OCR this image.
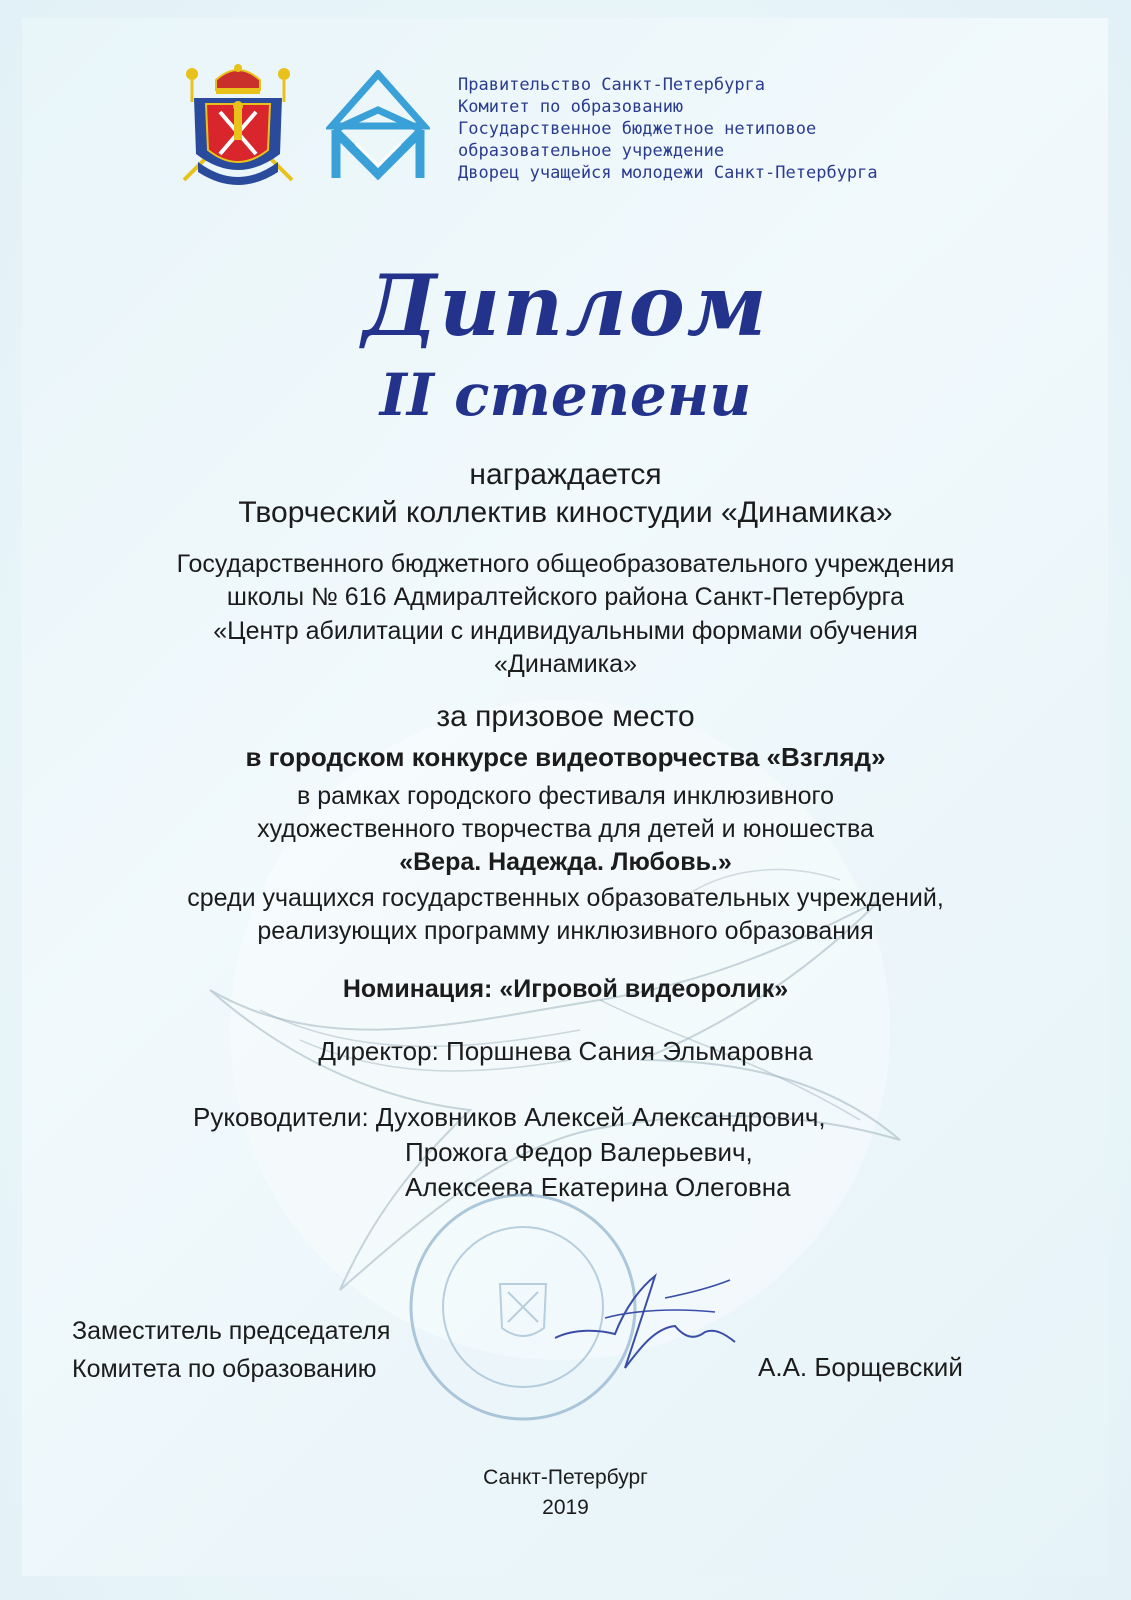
Правительство Санкт-Петербурга
Комитет по образованию
Государственное бюджетное нетиповое
образовательное учреждение
Дворец учащейся молодежи Санкт-Петербурга
Диплом
II степени
награждается
Творческий коллектив киностудии «Динамика»
Государственного бюджетного общеобразовательного учреждения
школы № 616 Адмиралтейского района Санкт-Петербурга
«Центр абилитации с индивидуальными формами обучения
«Динамика»
за призовое место
в городском конкурсе видеотворчества «Взгляд»
в рамках городского фестиваля инклюзивного
художественного творчества для детей и юношества
«Вера. Надежда. Любовь.»
среди учащихся государственных образовательных учреждений,
реализующих программу инклюзивного образования
Номинация: «Игровой видеоролик»
Директор: Поршнева Сания Эльмаровна
Руководители: Духовников Алексей Александрович,
Прожога Федор Валерьевич,
Алексеева Екатерина Олеговна
Заместитель председателя
Комитета по образованию	А.А. Борщевский
Санкт-Петербург
2019
